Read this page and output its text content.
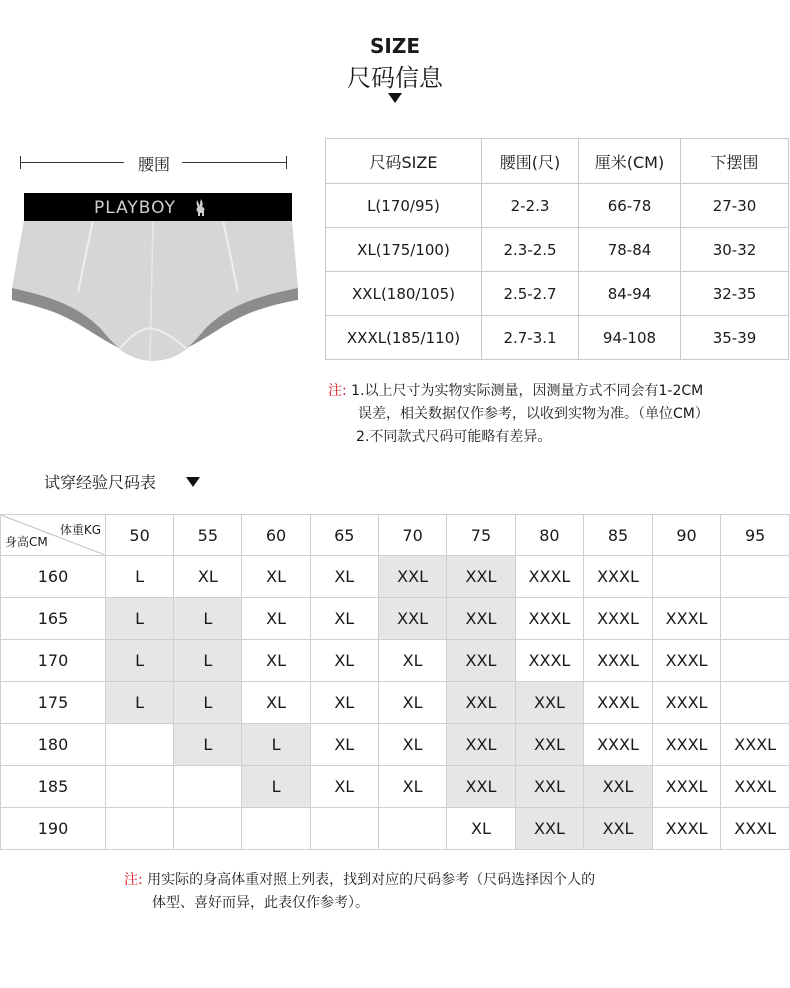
SIZE
尺码信息
腰围
PLAYBOY
尺码SIZE	腰围(尺)	厘米(CM)	下摆围
L(170/95)	2-2.3	66-78	27-30
XL(175/100)	2.3-2.5	78-84	30-32
XXL(180/105)	2.5-2.7	84-94	32-35
XXXL(185/110)	2.7-3.1	94-108	35-39
注: 1.以上尺寸为实物实际测量，因测量方式不同会有1-2CM
误差，相关数据仅作参考，以收到实物为准。（单位CM）
2.不同款式尺码可能略有差异。
试穿经验尺码表
体重KG
身高CM	50	55	60	65	70	75	80	85	90	95
160	L	XL	XL	XL	XXL	XXL	XXXL	XXXL		
165	L	L	XL	XL	XXL	XXL	XXXL	XXXL	XXXL	
170	L	L	XL	XL	XL	XXL	XXXL	XXXL	XXXL	
175	L	L	XL	XL	XL	XXL	XXL	XXXL	XXXL	
180		L	L	XL	XL	XXL	XXL	XXXL	XXXL	XXXL
185			L	XL	XL	XXL	XXL	XXL	XXXL	XXXL
190						XL	XXL	XXL	XXXL	XXXL
注: 用实际的身高体重对照上列表，找到对应的尺码参考（尺码选择因个人的
体型、喜好而异，此表仅作参考）。
